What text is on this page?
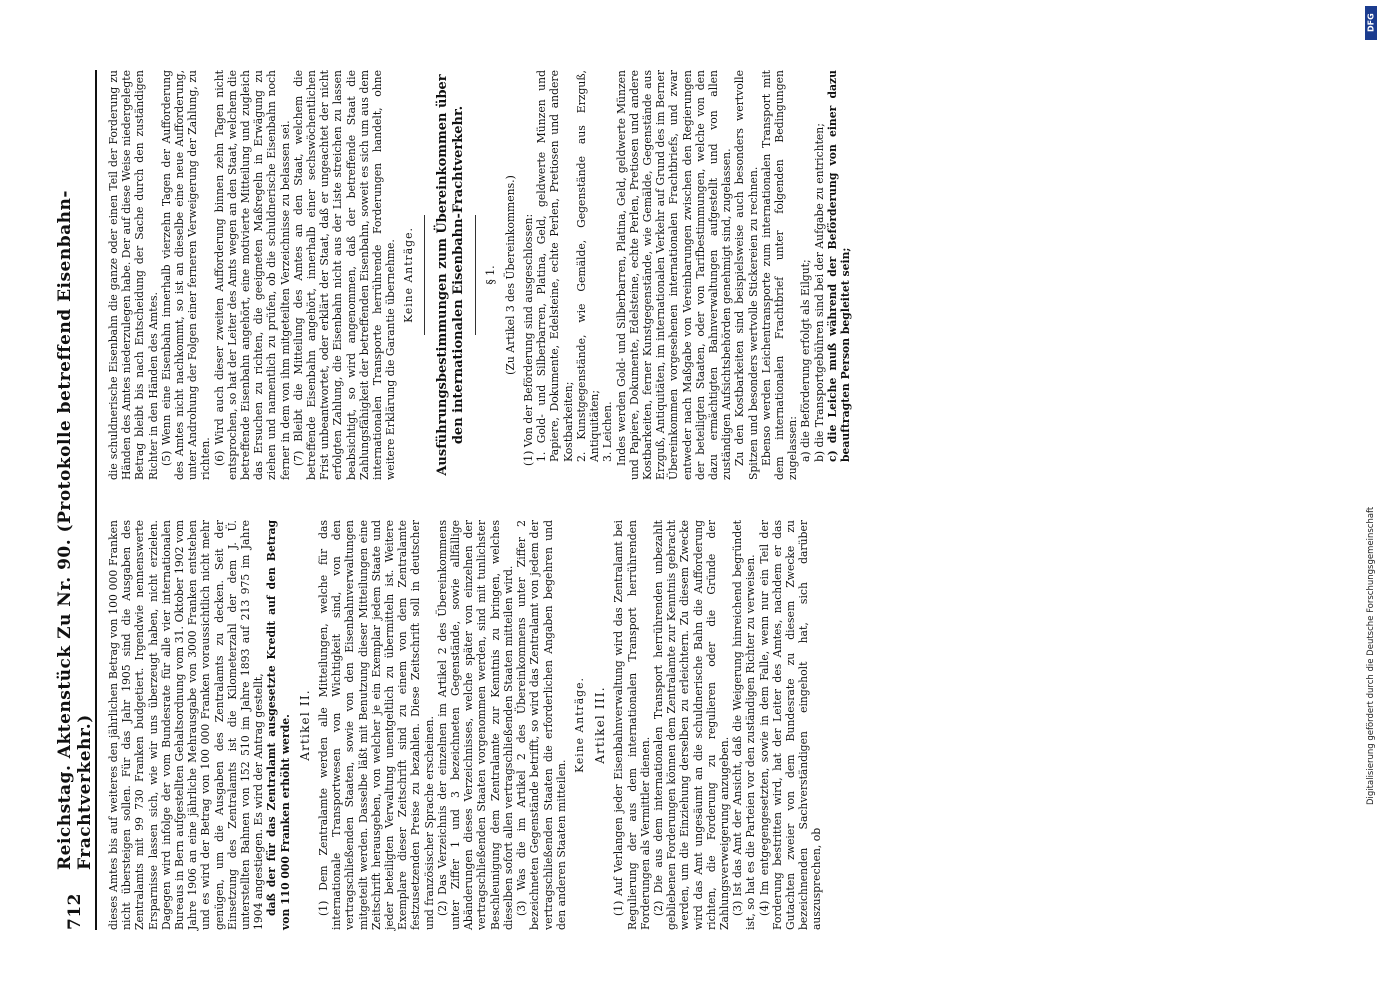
712
Reichstag. Aktenstück Zu Nr. 90. (Protokolle betreffend Eisenbahn-Frachtverkehr.) dieses Amtes bis auf weiteres den jährlichen Betrag von 100 000 Franken nicht übersteigen sollen. Für das Jahr 1905 sind die Ausgaben des Zentralamts mit 99 730 Franken budgetiert. Irgendwie nennenswerte Ersparnisse lassen sich, wie wir uns überzeugt haben, nicht erzielen. Dagegen wird infolge der vom Bundesrate für alle vier internationalen Bureaus in Bern aufgestellten Gehaltsordnung vom 31. Oktober 1902 vom Jahre 1906 an eine jährliche Mehrausgabe von 3000 Franken entstehen und es wird der Betrag von 100 000 Franken voraussichtlich nicht mehr genügen, um die Ausgaben des Zentralamts zu decken. Seit der Einsetzung des Zentralamts ist die Kilometerzahl der dem J. Ü. unterstellten Bahnen von 152 510 im Jahre 1893 auf 213 975 im Jahre 1904 angestiegen. Es wird der Antrag gestellt, daß der für das Zentralamt ausgesetzte Kredit auf den Betrag von 110 000 Franken erhöht werde. Artikel II. (1) Dem Zentralamte werden alle Mitteilungen, welche für das internationale Transportwesen von Wichtigkeit sind, von den vertragschließenden Staaten, sowie von den Eisenbahnverwaltungen mitgeteilt werden. Dasselbe läßt mit Benutzung dieser Mitteilungen eine Zeitschrift herausgeben, von welcher je ein Exemplar jedem Staate und jeder beteiligten Verwaltung unentgeltlich zu übermitteln ist. Weitere Exemplare dieser Zeitschrift sind zu einem von dem Zentralamte festzusetzenden Preise zu bezahlen. Diese Zeitschrift soll in deutscher und französischer Sprache erscheinen. (2) Das Verzeichnis der einzelnen im Artikel 2 des Übereinkommens unter Ziffer 1 und 3 bezeichneten Gegenstände, sowie allfällige Abänderungen dieses Verzeichnisses, welche später von einzelnen der vertragschließenden Staaten vorgenommen werden, sind mit tunlichster Beschleunigung dem Zentralamte zur Kenntnis zu bringen, welches dieselben sofort allen vertragschließenden Staaten mitteilen wird. (3) Was die im Artikel 2 des Übereinkommens unter Ziffer 2 bezeichneten Gegenstände betrifft, so wird das Zentralamt von jedem der vertragschließenden Staaten die erforderlichen Angaben begehren und den anderen Staaten mitteilen.

Keine Anträge. Artikel III. (1) Auf Verlangen jeder Eisenbahnverwaltung wird das Zentralamt bei Regulierung der aus dem internationalen Transport herrührenden Forderungen als Vermittler dienen. (2) Die aus dem internationalen Transport herrührenden unbezahlt gebliebenen Forderungen können dem Zentralamte zur Kenntnis gebracht werden, um die Einziehung derselben zu erleichtern. Zu diesem Zwecke wird das Amt ungesäumt an die schuldnerische Bahn die Aufforderung richten, die Forderung zu regulieren oder die Gründe der Zahlungsverweigerung anzugeben. (3) Ist das Amt der Ansicht, daß die Weigerung hinreichend begründet ist, so hat es die Parteien vor den zuständigen Richter zu verweisen. (4) Im entgegengesetzten, sowie in dem Falle, wenn nur ein Teil der Forderung bestritten wird, hat der Leiter des Amtes, nachdem er das Gutachten zweier von dem Bundesrate zu diesem Zwecke zu bezeichnenden Sachverständigen eingeholt hat, sich darüber auszusprechen, ob

die schuldnerische Eisenbahn die ganze oder einen Teil der Forderung zu Händen des Amtes niederzulegen habe. Der auf diese Weise niedergelegte Betrag bleibt bis nach Entscheidung der Sache durch den zuständigen Richter in den Händen des Amtes. (5) Wenn eine Eisenbahn innerhalb vierzehn Tagen der Aufforderung des Amtes nicht nachkommt, so ist an dieselbe eine neue Aufforderung, unter Androhung der Folgen einer ferneren Verweigerung der Zahlung, zu richten. (6) Wird auch dieser zweiten Aufforderung binnen zehn Tagen nicht entsprochen, so hat der Leiter des Amts wegen an den Staat, welchem die betreffende Eisenbahn angehört, eine motivierte Mitteilung und zugleich das Ersuchen zu richten, die geeigneten Maßregeln in Erwägung zu ziehen und namentlich zu prüfen, ob die schuldnerische Eisenbahn noch ferner in dem von ihm mitgeteilten Verzeichnisse zu belassen sei. (7) Bleibt die Mitteilung des Amtes an den Staat, welchem die betreffende Eisenbahn angehört, innerhalb einer sechswöchentlichen Frist unbeantwortet, oder erklärt der Staat, daß er ungeachtet der nicht erfolgten Zahlung, die Eisenbahn nicht aus der Liste streichen zu lassen beabsichtigt, so wird angenommen, daß der betreffende Staat die Zahlungsfähigkeit der betreffenden Eisenbahn, soweit es sich um aus dem internationalen Transporte herrührende Forderungen handelt, ohne weitere Erklärung die Garantie übernehme. Keine Anträge. Ausführungsbestimmungen zum Übereinkommen über den internationalen Eisenbahn-Frachtverkehr. § 1. (Zu Artikel 3 des Übereinkommens.) (1) Von der Beförderung sind ausgeschlossen: 1. Gold- und Silberbarren, Platina, Geld, geldwerte Münzen und Papiere, Dokumente, Edelsteine, echte Perlen, Pretiosen und andere Kostbarkeiten; 2. Kunstgegenstände, wie Gemälde, Gegenstände aus Erzguß, Antiquitäten; 3. Leichen. Indes werden Gold- und Silberbarren, Platina, Geld, geldwerte Münzen und Papiere, Dokumente, Edelsteine, echte Perlen, Pretiosen und andere Kostbarkeiten, ferner Kunstgegenstände, wie Gemälde, Gegenstände aus Erzguß, Antiquitäten, im internationalen Verkehr auf Grund des im Berner Übereinkommen vorgesehenen internationalen Frachtbriefs, und zwar entweder nach Maßgabe von Vereinbarungen zwischen den Regierungen der beteiligten Staaten, oder von Tarifbestimmungen, welche von den dazu ermächtigten Bahnverwaltungen aufgestellt und von allen zuständigen Aufsichtsbehörden genehmigt sind, zugelassen. Zu den Kostbarkeiten sind beispielsweise auch besonders wertvolle Spitzen und besonders wertvolle Stickereien zu rechnen. Ebenso werden Leichentransporte zum internationalen Transport mit dem internationalen Frachtbrief unter folgenden Bedingungen zugelassen: a) die Beförderung erfolgt als Eilgut; b) die Transportgebühren sind bei der Aufgabe zu entrichten; c) die Leiche muß während der Beförderung von einer dazu beauftragten Person begleitet sein;

DFG
Digitalisierung gefördert durch die Deutsche Forschungsgemeinschaft
